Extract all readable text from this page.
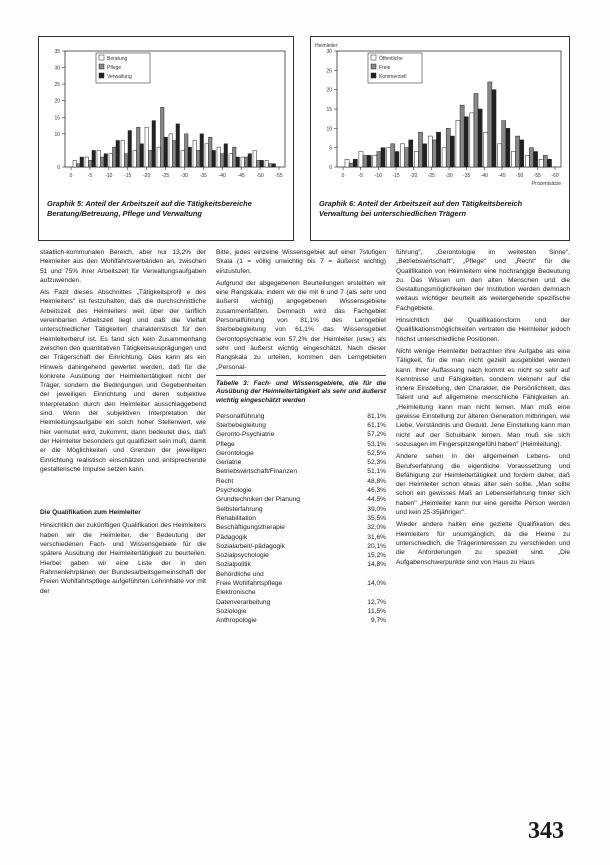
0
10
15
20
25
30
35
0	-5	-10 -15 -20 -25 -30 -35 -40 -45 -50 -55
Beratung
Pflege
Verwaltung
Graphik 5: Anteil der Arbeitszeit auf die Tätigkeitsbereiche Beratung/Betreuung, Pflege und Verwaltung
0
5
10
15
20
25
30
0	-5 -10 -15 -20 -25 -30 -35 -40 -45 -50 -55 -60
Prozentsätze
Heimleiter
Öffentliche
Freie
Kommerziell
Graphik 6: Anteil der Arbeitszeit auf den Tätigkeitsbereich Verwaltung bei unterschiedlichen Trägern

staatlich-kommunalen Bereich, aber nur 13,2% der Heimleiter aus den Wohlfahrtsverbänden an, zwischen 51 und 75% ihrer Arbeitszeit für Verwaltungsaufgaben aufzuwenden.

Als Fazit dieses Abschnittes „Tätigkeitsprofil e des Heimleiters" ist festzuhalten, daß die durchschnittliche Arbeitszeit des Heimleiters weit über der tariflich vereinbarten Arbeitszeit liegt und daß die Vielfalt unterschiedlicher Tätigkeiten charakteristisch für den Heimleiterberuf ist. Es fand sich kein Zusammenhang zwischen den quantitativen Tätigkeitsausprägungen und der Trägerschaft der Einrichtung. Dies kann als ein Hinweis dahingehend gewertet werden, daß für die konkrete Ausübung der Heimleitertätigkeit nicht der Träger, sondern die Bedingungen und Gegebenheiten der jeweiligen Einrichtung und deren subjektive Interpretation durch den Heimleiter ausschlaggebend sind. Wenn der subjektiven Interpretation der Heimleitungsaufgabe ein solch hoher Stellenwert, wie hier vermutet wird, zukommt, dann bedeutet dies, daß der Heimleiter besonders gut qualifiziert sein muß, damit er die Möglichkeiten und Grenzen der jeweiligen Einrichtung realistisch einschätzen und entsprechende gestalterische Impulse setzen kann.

Die Qualifikation zum Heimleiter

Hinsichtlich der zukünftigen Qualifikation des Heimleiters haben wir die Heimleiter, die Bedeutung der verschiedenen Fach- und Wissensgebiete für die spätere Ausübung der Heimleitertätigkeit zu beurteilen. Hierbei gaben wir eine Liste der in den Rahmenlehrplänen der Bundesarbeitsgemeinschaft der Freien Wohlfahrtspflege aufgeführten Lehrinhalte vor mit der

Bitte, jedes einzelne Wissensgebiet auf einer 7stufigen Skala (1 = völlig unwichtig bis 7 = äußerst wichtig) einzustufen.

Aufgrund der abgegebenen Beurteilungen erstellten wir eine Rangskala, indem wir die mit 6 und 7 (als sehr und äußerst wichtig) angegebenen Wissensgebiete zusammenfaßten. Demnach wird das Fachgebiet Personalführung von 81,1% des Lerngebiet Sterbebegleitung von 61,1% das Wissensgebiet Gerontopsychiatrie von 57,2% der Heimleiter (usw.) als sehr und äußerst wichtig eingeschätzt. Nach dieser Rangskala zu urteilen, kommen den Lerngebieten „Personal-

Tabelle 3: Fach- und Wissensgebiete, die für die Ausübung der Heimleitertätigkeit als sehr und äußerst wichtig eingeschätzt werden
Personalführung	81,1%
Sterbebegleitung	61,1%
Geronto-Psychiatrie	57,2%
Pflege	53,1%
Gerontologie	52,5%
Geriatrie	52,3%
Betriebswirtschaft/Finanzen	51,1%
Recht	48,8%
Psychologie	46,3%
Grundtechniken der Planung	44,5%
Selbsterfahrung	39,0%
Rehabilitation	35,5%
Beschäftigungstherapie	32,0%
Pädagogik	31,6%
Sozialarbeit/-pädagogik	20,1%
Sozialpsychologie	15,2%
Sozialpolitik	14,8%
Behördliche und	
Freie Wohlfahrtspflege	14,0%
Elektronische	
Datenverarbeitung	12,7%
Soziologie	11,5%
Anthropologie	9,7%

führung", „Gerontologie im weitesten Sinne", „Betriebswirtschaft", „Pflege" und „Recht" für die Qualifikation von Heimleitern eine hochrangige Bedeutung zu. Das Wissen um den alten Menschen und die Gestaltungsmöglichkeiten der Institution werden demnach weitaus wichtiger beurteilt als weitergehende spezifische Fachgebiete.

Hinsichtlich der Qualifikationsform und der Qualifikationsmöglichkeiten vertraten die Heimleiter jedoch höchst unterschiedliche Positionen.

Nicht wenige Heimleiter betrachten ihre Aufgabe als eine Tätigkeit, für die man nicht gezielt ausgebildet werden kann. Ihrer Auffassung nach kommt es nicht so sehr auf Kenntnisse und Fähigkeiten, sondern vielmehr auf die innere Einstellung, den Charakter, die Persönlichkeit, das Talent und auf allgemeine menschliche Fähigkeiten an. „Heimleitung kann man nicht lernen. Man muß eine gewisse Einstellung zur älteren Generation mitbringen, wie Liebe, Verständnis und Geduld. Jene Einstellung kann man nicht auf der Schulbank lernen. Man muß sie sich sozusagen im Fingerspitzengefühl haben" (Heimleitung).

Andere sehen in der allgemeinen Lebens- und Berufserfahrung die eigentliche Voraussetzung und Befähigung zur Heimleitertätigkeit und fordern daher, daß der Heimleiter schon etwas älter sein sollte. „Man sollte schon ein gewisses Maß an Lebenserfahrung hinter sich haben" „Heimleiter kann nur eine gereifte Person werden und kein 25-35jähriger".

Wieder andere halten eine gezielte Qualifikation des Heimleiters für unumgänglich, da die Heime zu unterschiedlich, die Trägerinteressen zu verschieden und die Anforderungen zu speziell sind. „Die Aufgabenschwerpunkte sind von Haus zu Haus

343
